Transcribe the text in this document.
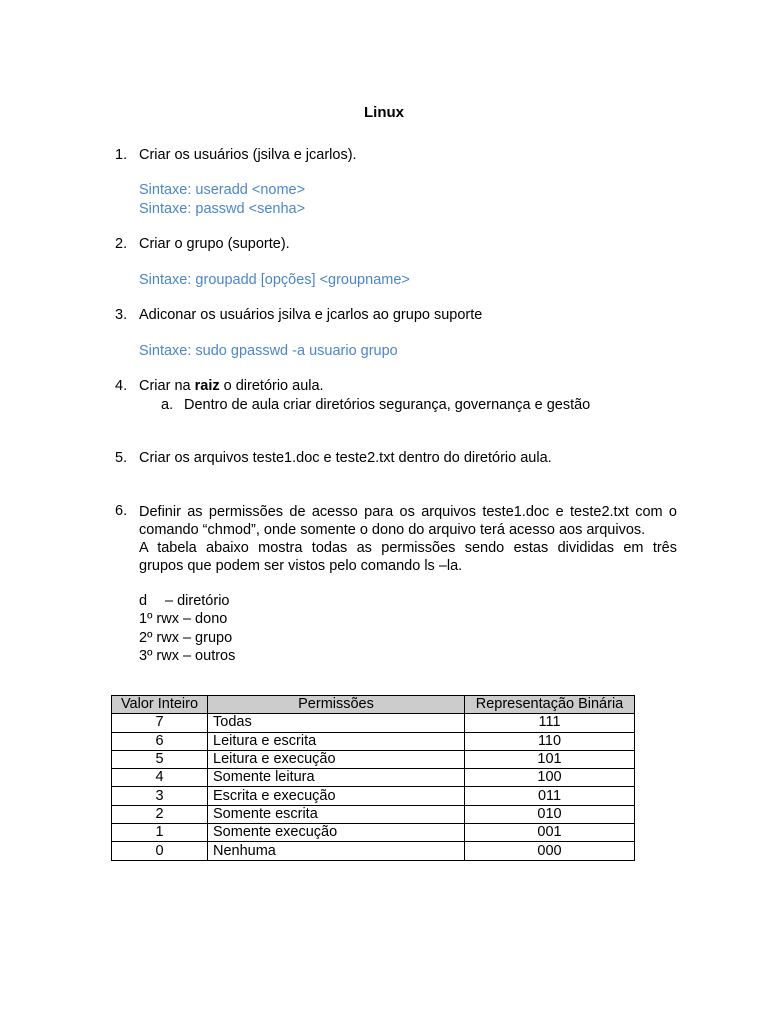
Linux
1. Criar os usuários (jsilva e jcarlos).
Sintaxe: useradd <nome>
Sintaxe: passwd <senha>
2. Criar o grupo (suporte).
Sintaxe: groupadd [opções] <groupname>
3. Adiconar os usuários jsilva e jcarlos ao grupo suporte
Sintaxe: sudo gpasswd -a usuario grupo
4. Criar na raiz o diretório aula.
a. Dentro de aula criar diretórios segurança, governança e gestão
5. Criar os arquivos teste1.doc e teste2.txt dentro do diretório aula.
6. Definir as permissões de acesso para os arquivos teste1.doc e teste2.txt com o
comando “chmod”, onde somente o dono do arquivo terá acesso aos arquivos.
A tabela abaixo mostra todas as permissões sendo estas divididas em três
grupos que podem ser vistos pelo comando ls –la.
d – diretório
1º rwx – dono
2º rwx – grupo
3º rwx – outros
Valor Inteiro	Permissões	Representação Binária
7	Todas	111
6	Leitura e escrita	110
5	Leitura e execução	101
4	Somente leitura	100
3	Escrita e execução	011
2	Somente escrita	010
1	Somente execução	001
0	Nenhuma	000
